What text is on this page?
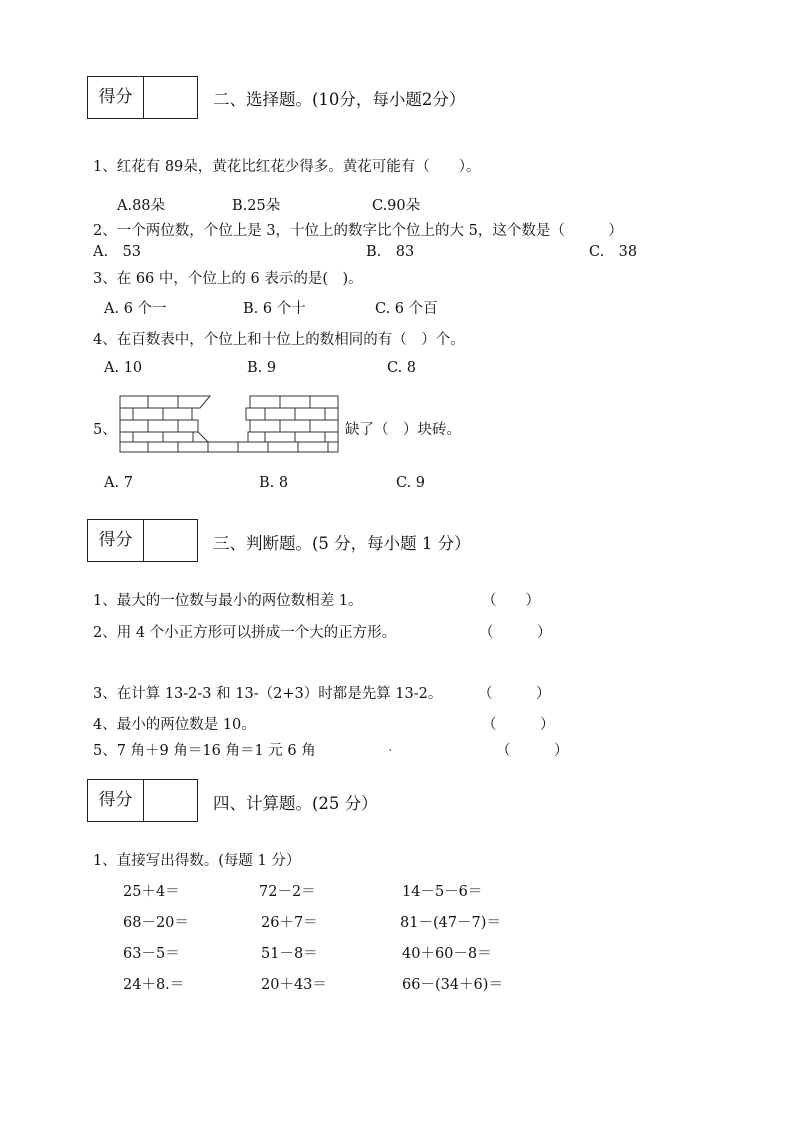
得分	二、选择题。(10分，每小题2分）
1、红花有 89朵，黄花比红花少得多。黄花可能有（　　）。
A.88朵	B.25朵	C.90朵
2、一个两位数，个位上是 3，十位上的数字比个位上的大 5，这个数是（　　　）
A.　53	B.　83	C.　38
3、在 66 中，个位上的 6 表示的是(　)。
A. 6 个一	B. 6 个十	C. 6 个百
4、在百数表中，个位上和十位上的数相同的有（　）个。
A. 10	B. 9	C. 8
5、	缺了（　）块砖。
A. 7	B. 8	C. 9
得分	三、判断题。(5 分，每小题 1 分）
1、最大的一位数与最小的两位数相差 1。	（　　）
2、用 4 个小正方形可以拼成一个大的正方形。	（　　　）
3、在计算 13-2-3 和 13-（2+3）时都是先算 13-2。 （　　　）
4、最小的两位数是 10。	（　　　）
5、7 角＋9 角＝16 角＝1 元 6 角	.	（　　　）
得分	四、计算题。(25 分）
1、直接写出得数。(每题 1 分）
25＋4＝	72－2＝	14－5－6＝
68－20＝	26＋7＝	81－(47－7)＝
63－5＝	51－8＝	40＋60－8＝
24＋8.＝	20＋43＝	66－(34＋6)＝
